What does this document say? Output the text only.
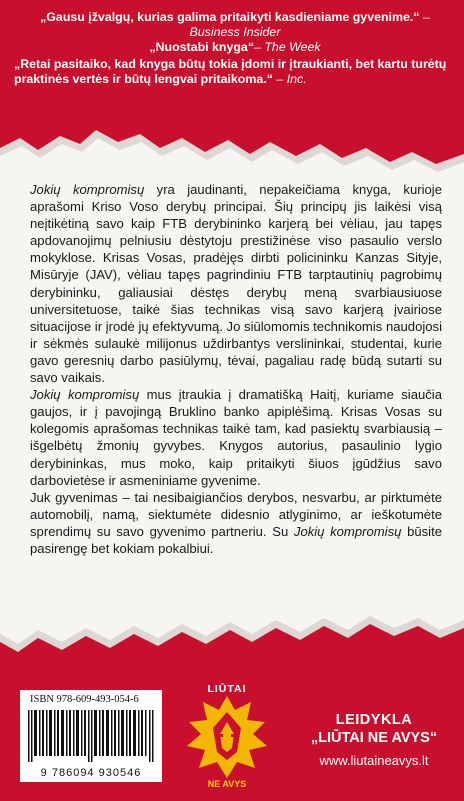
„Gausu įžvalgų, kurias galima pritaikyti kasdieniame gyvenime.“ – Business Insider

„Nuostabi knyga“– The Week

„Retai pasitaiko, kad knyga būtų tokia įdomi ir įtraukianti, bet kartu turėtų praktinės vertės ir būtų lengvai pritaikoma.“ – Inc.

Jokių kompromisų yra jaudinanti, nepakeičiama knyga, kurioje aprašomi Kriso Voso derybų principai. Šių principų jis laikėsi visą neįtikėtiną savo kaip FTB derybininko karjerą bei vėliau, jau tapęs apdovanojimų pelniusiu dėstytoju prestižinėse viso pasaulio verslo mokyklose. Krisas Vosas, pradėjęs dirbti policininku Kanzas Sityje, Misūryje (JAV), vėliau tapęs pagrindiniu FTB tarptautinių pagrobimų derybininku, galiausiai dėstęs derybų meną svarbiausiuose universitetuose, taikė šias technikas visą savo karjerą įvairiose situacijose ir įrodė jų efektyvumą. Jo siūlomomis technikomis naudojosi ir sėkmės sulaukė milijonus uždirbantys verslininkai, studentai, kurie gavo geresnių darbo pasiūlymų, tėvai, pagaliau radę būdą sutarti su savo vaikais.

Jokių kompromisų mus įtraukia į dramatišką Haitį, kuriame siaučia gaujos, ir į pavojingą Bruklino banko apiplėšimą. Krisas Vosas su kolegomis aprašomas technikas taikė tam, kad pasiektų svarbiausią – išgelbėtų žmonių gyvybes. Knygos autorius, pasaulinio lygio derybininkas, mus moko, kaip pritaikyti šiuos įgūdžius savo darbovietėse ir asmeniniame gyvenime.

Juk gyvenimas – tai nesibaigiančios derybos, nesvarbu, ar pirktumėte automobilį, namą, siektumėte didesnio atlyginimo, ar ieškotumėte sprendimų su savo gyvenimo partneriu. Su Jokių kompromisų būsite pasirengę bet kokiam pokalbiui.

ISBN 978-609-493-054-6
9 786094 930546
LIŪTAI
NE AVYS
LEIDYKLA
„LIŪTAI NE AVYS“
www.liutaineavys.lt
